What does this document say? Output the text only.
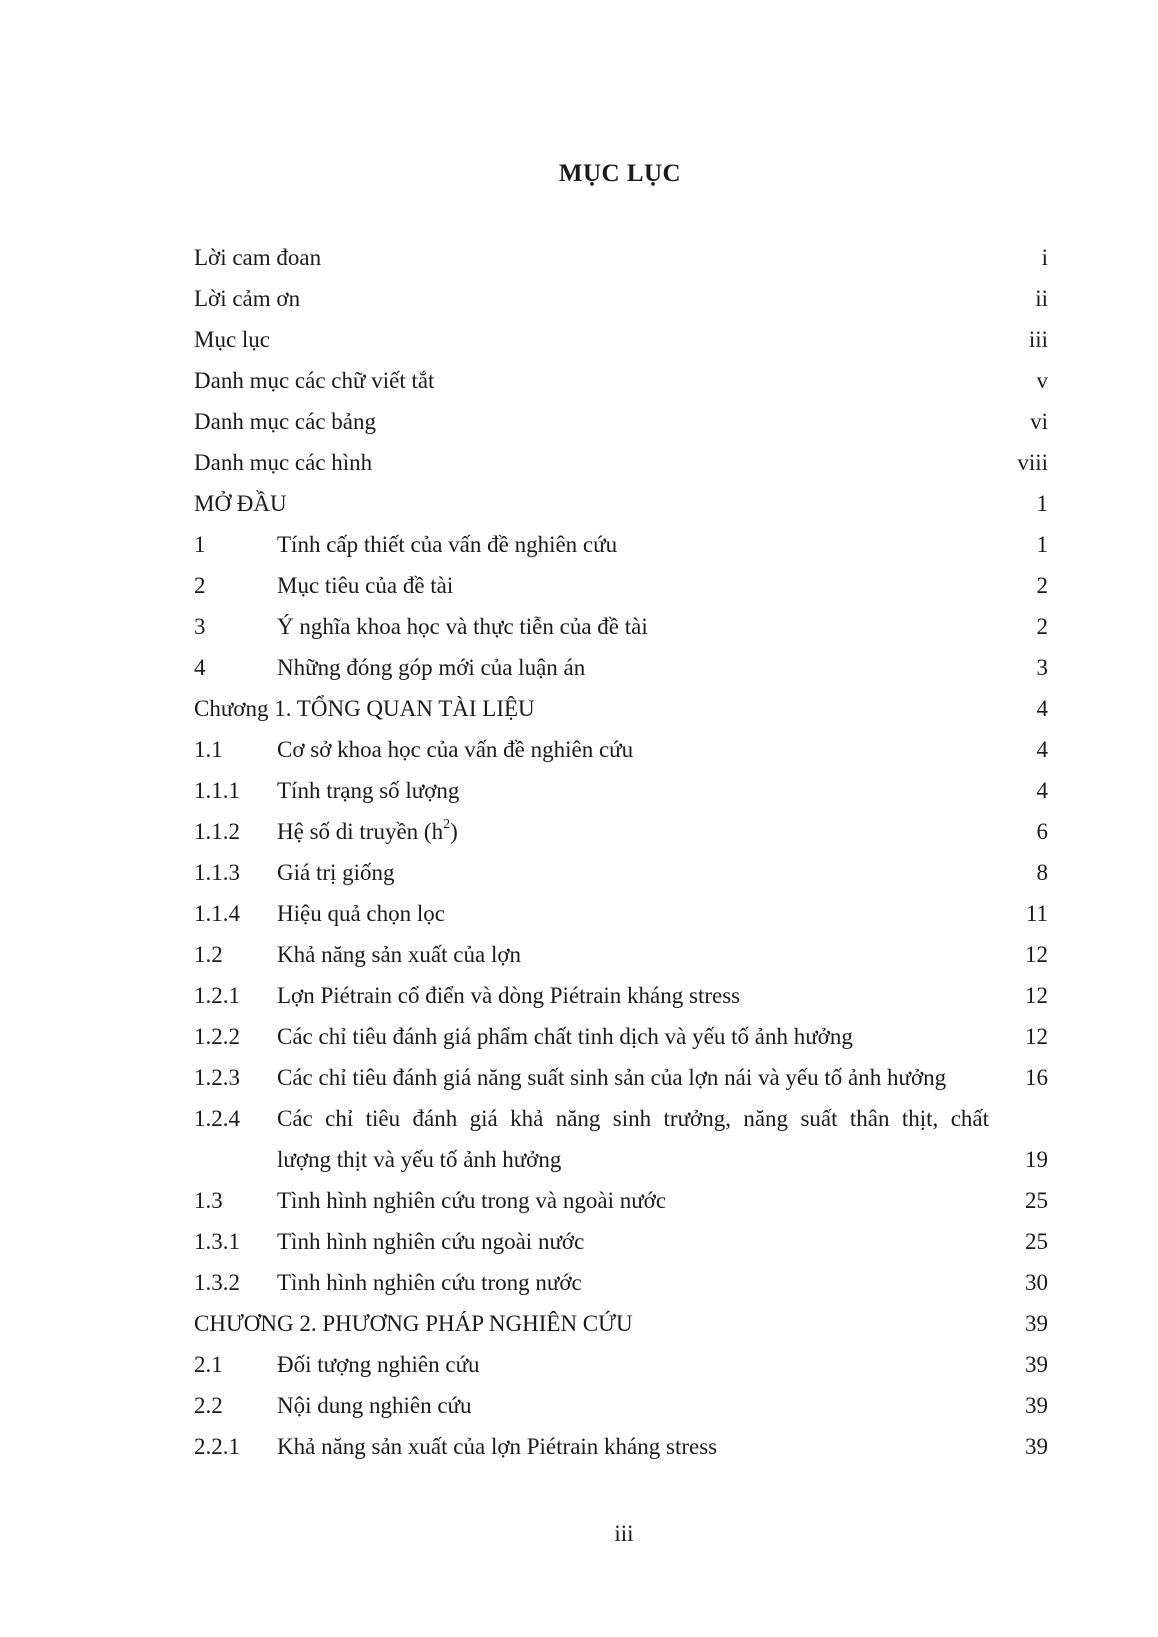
MỤC LỤC
Lời cam đoan	i
Lời cảm ơn	ii
Mục lục	iii
Danh mục các chữ viết tắt	v
Danh mục các bảng	vi
Danh mục các hình	viii
MỞ ĐẦU	1
1	Tính cấp thiết của vấn đề nghiên cứu	1
2	Mục tiêu của đề tài	2
3	Ý nghĩa khoa học và thực tiễn của đề tài	2
4	Những đóng góp mới của luận án	3
Chương 1. TỔNG QUAN TÀI LIỆU	4
1.1 Cơ sở khoa học của vấn đề nghiên cứu	4
1.1.1 Tính trạng số lượng	4
1.1.2 Hệ số di truyền $(h^2)$	6
1.1.3 Giá trị giống	8
1.1.4 Hiệu quả chọn lọc	11
1.2 Khả năng sản xuất của lợn	12
1.2.1 Lợn Piétrain cổ điển và dòng Piétrain kháng stress	12
1.2.2 Các chỉ tiêu đánh giá phẩm chất tinh dịch và yếu tố ảnh hưởng	12
1.2.3 Các chỉ tiêu đánh giá năng suất sinh sản của lợn nái và yếu tố ảnh hưởng	16
1.2.4 Các chỉ tiêu đánh giá khả năng sinh trưởng, năng suất thân thịt, chất
lượng thịt và yếu tố ảnh hưởng	19
1.3 Tình hình nghiên cứu trong và ngoài nước	25
1.3.1 Tình hình nghiên cứu ngoài nước	25
1.3.2 Tình hình nghiên cứu trong nước	30
CHƯƠNG 2. PHƯƠNG PHÁP NGHIÊN CỨU	39
2.1 Đối tượng nghiên cứu	39
2.2 Nội dung nghiên cứu	39
2.2.1 Khả năng sản xuất của lợn Piétrain kháng stress	39
iii
